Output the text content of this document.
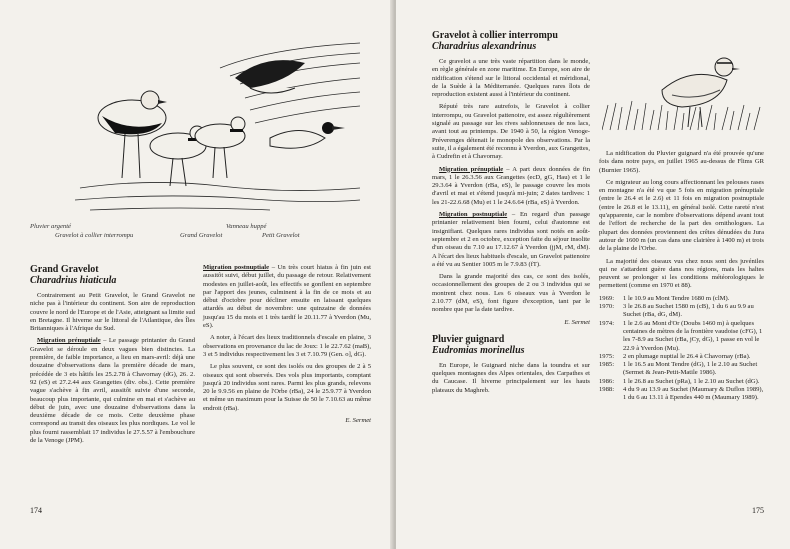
Pluvier argenté	Vanneau huppé
Gravelot à collier interrompu	Grand Gravelot	Petit Gravelot
Grand Gravelot
Charadrius hiaticula

Contrairement au Petit Gravelot, le Grand Gravelot ne niche pas à l'intérieur du continent. Son aire de reproduction couvre le nord de l'Europe et de l'Asie, atteignant sa limite sud en Bretagne. Il hiverne sur le littoral de l'Atlantique, des Îles Britanniques à l'Afrique du Sud.

Migration prénuptiale – Le passage printanier du Grand Gravelot se déroule en deux vagues bien distinctes. La première, de faible importance, a lieu en mars-avril: déjà une douzaine d'observations dans la première décade de mars, précédée de 3 ets hâtifs les 25.2.78 à Chavornay (dG), 26. 2. 92 (eS) et 27.2.44 aux Grangettes (div. obs.). Cette première vague s'achève à fin avril, aussitôt suivie d'une seconde, beaucoup plus importante, qui culmine en mai et s'achève au début de juin, avec une douzaine d'observations dans la deuxième décade de ce mois. Cette deuxième phase correspond au transit des oiseaux les plus nordiques. Le vol le plus fourni rassemblait 17 individus le 27.5.57 à l'embouchure de la Venoge (JPM).

Migration postnuptiale – Un très court hiatus à fin juin est aussitôt suivi, début juillet, du passage de retour. Relativement modestes en juillet-août, les effectifs se gonflent en septembre par l'apport des jeunes, culminent à la fin de ce mois et au début d'octobre pour décliner ensuite en laissant quelques attardés au début de novembre: une quinzaine de données jusqu'au 15 du mois et 1 très tardif le 20.11.77 à Yverdon (Mu, eS).

A noter, à l'écart des lieux traditionnels d'escale en plaine, 3 observations en provenance du lac de Joux: 1 le 22.7.62 (maB), 3 et 5 individus respectivement les 3 et 7.10.79 (Gen. o], dG).

Le plus souvent, ce sont des isolés ou des groupes de 2 à 5 oiseaux qui sont observés. Des vols plus importants, comptant jusqu'à 20 individus sont rares. Parmi les plus grands, relevons 20 le 9.9.56 en plaine de l'Orbe (rBa), 24 le 25.9.77 à Yverdon et même un maximum pour la Suisse de 50 le 7.10.63 au même endroit (rBa).

E. Sermet
174
Gravelot à collier interrompu
Charadrius alexandrinus

Ce gravelot a une très vaste répartition dans le monde, en règle générale en zone maritime. En Europe, son aire de nidification s'étend sur le littoral occidental et méridional, de la Suède à la Méditerranée. Quelques rares îlots de reproduction existent aussi à l'intérieur du continent.

Réputé très rare autrefois, le Gravelot à collier interrompu, ou Gravelot pattenoire, est assez régulièrement signalé au passage sur les rives sablonneuses de nos lacs, avant tout au printemps. De 1940 à 50, la région Venoge-Préverenges détenait le monopole des observations. Par la suite, il a également été reconnu à Yverdon, aux Grangettes, à Cudrefin et à Chavornay.

Migration prénuptiale – A part deux données de fin mars, 1 le 26.3.56 aux Grangettes (ecD, gG, Hau) et 1 le 29.3.64 à Yverdon (rBa, eS), le passage couvre les mois d'avril et mai et s'étend jusqu'à mi-juin; 2 dates tardives: 1 les 21-22.6.68 (Mu) et 1 le 24.6.64 (rBa, eS) à Yverdon.

Migration postnuptiale – En regard d'un passage printanier relativement bien fourni, celui d'automne est insignifiant. Quelques rares individus sont notés en août-septembre et 2 en octobre, exception faite du séjour insolite d'un oiseau du 7.10 au 17.12.67 à Yverdon (jjM, rM, dM). A l'écart des lieux habituels d'escale, un Gravelot pattenoire a été vu au Sentier 1005 m le 7.9.83 (fT).

Dans la grande majorité des cas, ce sont des isolés, occasionnellement des groupes de 2 ou 3 individus qui se montrent chez nous. Les 6 oiseaux vus à Yverdon le 2.10.77 (dM, eS), font figure d'exception, tant par le nombre que par la date tardive.

E. Sermet
Pluvier guignard
Eudromias morinellus

En Europe, le Guignard niche dans la toundra et sur quelques montagnes des Alpes orientales, des Carpathes et du Caucase. Il hiverne principalement sur les hauts plateaux du Maghreb.

La nidification du Pluvier guignard n'a été prouvée qu'une fois dans notre pays, en juillet 1965 au-dessus de Flims GR (Burnier 1965).

Ce migrateur au long cours affectionnant les pelouses rases en montagne n'a été vu que 5 fois en migration prénuptiale (entre le 26.4 et le 2.6) et 11 fois en migration postnuptiale (entre le 26.8 et le 13.11), en général isolé. Cette rareté n'est qu'apparente, car le nombre d'observations dépend avant tout de l'effort de recherche de la part des ornithologues. La plupart des données proviennent des crêtes dénudées du Jura autour de 1600 m (un cas dans une clairière à 1400 m) et trois de la plaine de l'Orbe.

La majorité des oiseaux vus chez nous sont des juvéniles qui ne s'attardent guère dans nos régions, mais les haltes peuvent se prolonger si les conditions météorologiques le permettent (comme en 1970 et 88).

1969:	1 le 10.9 au Mont Tendre 1680 m (clM).
1970:	3 le 26.8 au Suchet 1580 m (cB), 1 du 6 au 9.9 au Suchet (rBa, dG, dM).
1974:	1 le 2.6 au Mont d'Or (Doubs 1460 m) à quelques centaines de mètres de la frontière vaudoise (cFG), 1 les 7-8.9 au Suchet (rBa, jCy, dG), 1 passe en vol le 22.9 à Yverdon (Mu).
1975:	2 en plumage nuptial le 26.4 à Chavornay (rBa).
1985:	1 le 16.5 au Mont Tendre (dG), 1 le 2.10 au Suchet (Sermet & Jean-Petit-Matile 1986).
1986:	1 le 26.8 au Suchet (pRa), 1 le 2.10 au Suchet (dG).
1988:	4 du 9 au 13.9 au Suchet (Maumary & Duflon 1989), 1 du 6 au 13.11 à Ependes 440 m (Maumary 1989).
175
